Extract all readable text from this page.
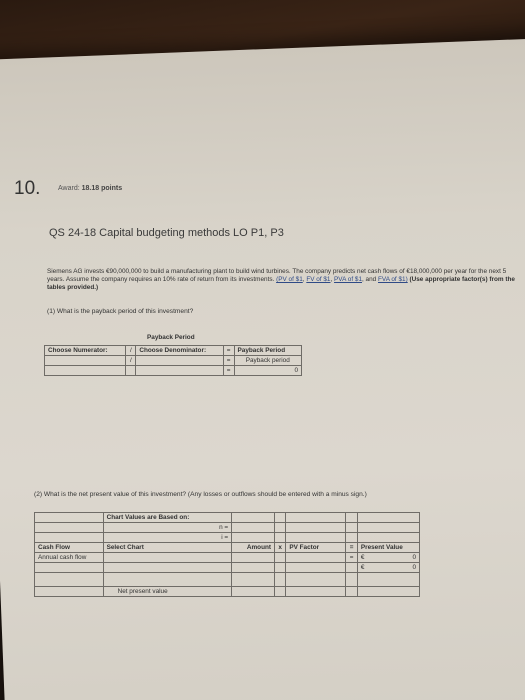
10.	Award: 18.18 points
QS 24-18 Capital budgeting methods LO P1, P3
Siemens AG invests €90,000,000 to build a manufacturing plant to build wind turbines. The company predicts net cash flows of €18,000,000 per year for the next 5 years. Assume the company requires an 10% rate of return from its investments. (PV of $1, FV of $1, PVA of $1, and FVA of $1) (Use appropriate factor(s) from the tables provided.)
(1) What is the payback period of this investment?
Payback Period
Choose Numerator:	/	Choose Denominator:	=	Payback Period
	/		=	Payback period
			=	0
(2) What is the net present value of this investment? (Any losses or outflows should be entered with a minus sign.)
	Chart Values are Based on:					
	n =					
	i =					
Cash Flow	Select Chart	Amount	x	PV Factor	=	Present Value
Annual cash flow					=	€ 0

						€ 0

	Net present value					
